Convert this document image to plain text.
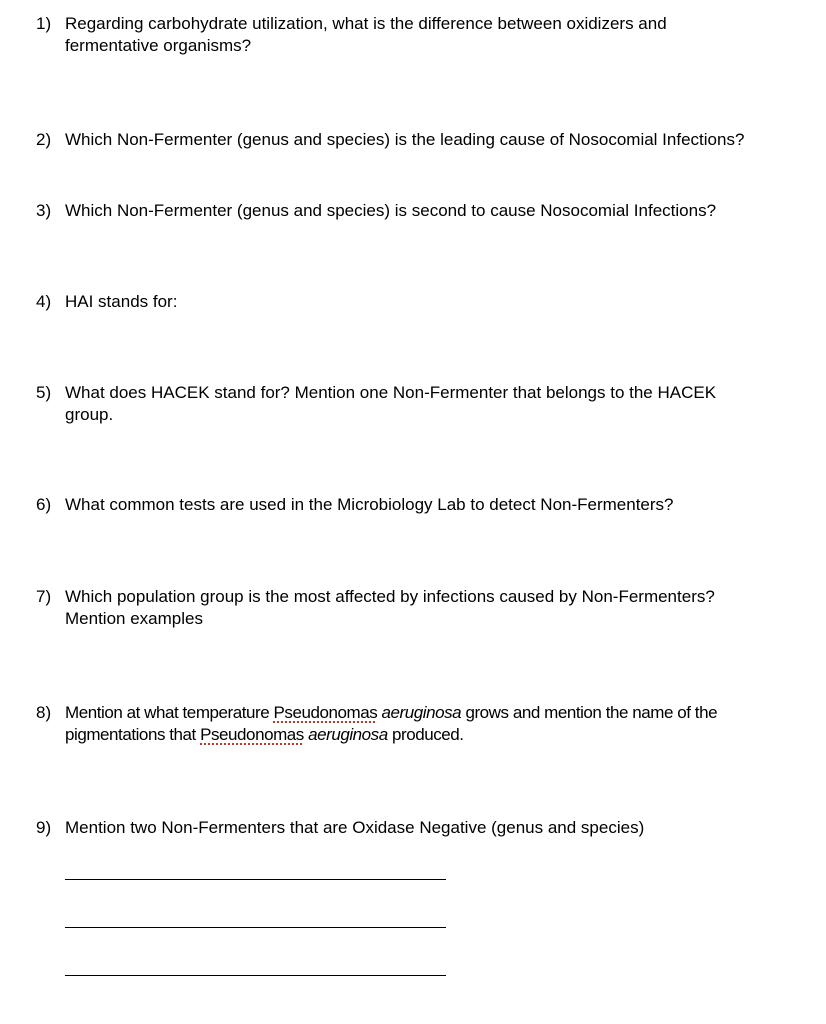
1) Regarding carbohydrate utilization, what is the difference between oxidizers and fermentative organisms?
2) Which Non-Fermenter (genus and species) is the leading cause of Nosocomial Infections?
3) Which Non-Fermenter (genus and species) is second to cause Nosocomial Infections?
4) HAI stands for:
5) What does HACEK stand for? Mention one Non-Fermenter that belongs to the HACEK group.
6) What common tests are used in the Microbiology Lab to detect Non-Fermenters?
7) Which population group is the most affected by infections caused by Non-Fermenters? Mention examples
8) Mention at what temperature Pseudonomas aeruginosa grows and mention the name of the pigmentations that Pseudonomas aeruginosa produced.
9) Mention two Non-Fermenters that are Oxidase Negative (genus and species)
